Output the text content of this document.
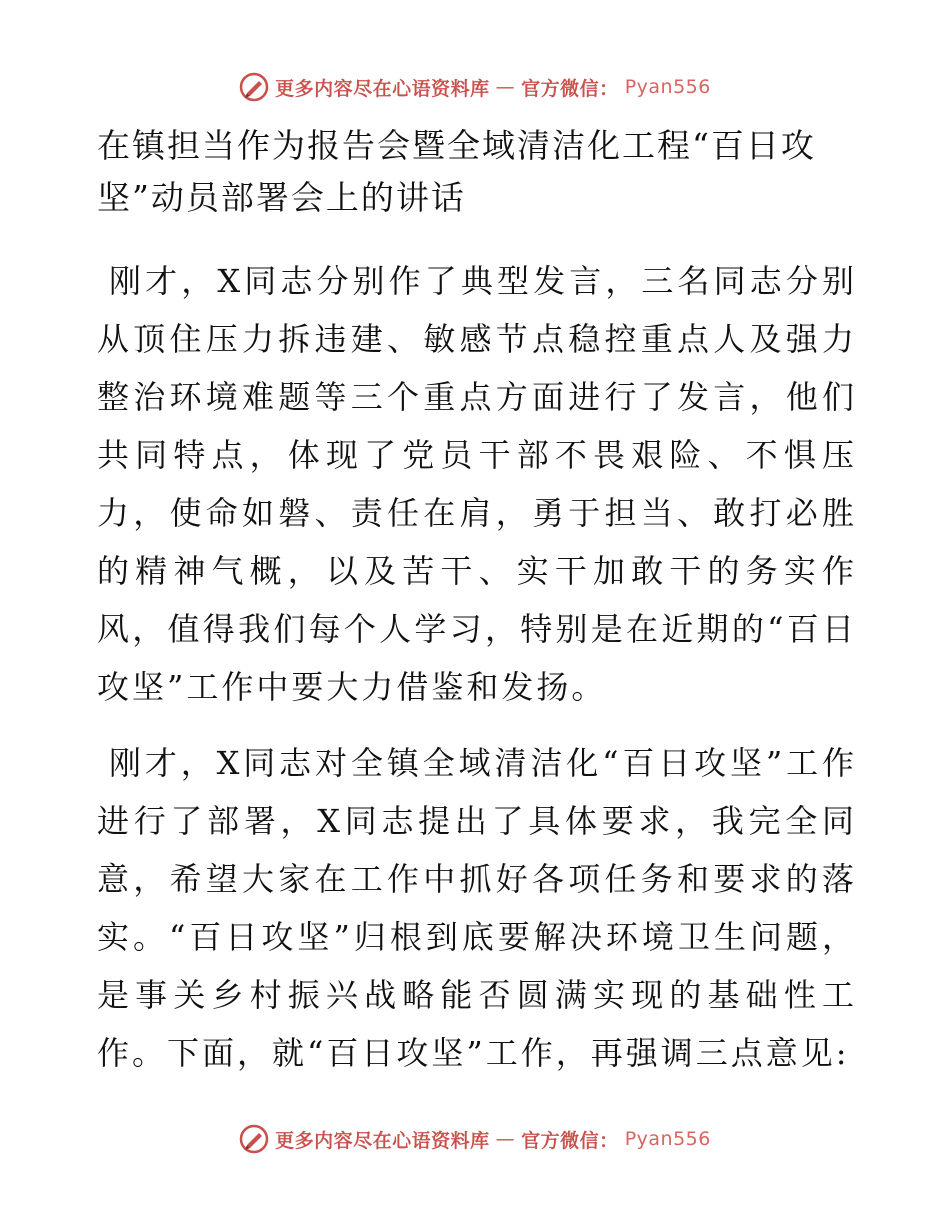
更多内容尽在心语资料库 — 官方微信： Pyan556
在镇担当作为报告会暨全域清洁化工程“百日攻坚”动员部署会上的讲话

刚才，X同志分别作了典型发言，三名同志分别从顶住压力拆违建、敏感节点稳控重点人及强力整治环境难题等三个重点方面进行了发言，他们共同特点，体现了党员干部不畏艰险、不惧压力，使命如磐、责任在肩，勇于担当、敢打必胜的精神气概，以及苦干、实干加敢干的务实作风，值得我们每个人学习，特别是在近期的“百日攻坚”工作中要大力借鉴和发扬。

刚才，X同志对全镇全域清洁化“百日攻坚”工作进行了部署，X同志提出了具体要求，我完全同意，希望大家在工作中抓好各项任务和要求的落实。“百日攻坚”归根到底要解决环境卫生问题，是事关乡村振兴战略能否圆满实现的基础性工作。下面，就“百日攻坚”工作，再强调三点意见:

更多内容尽在心语资料库 — 官方微信： Pyan556
